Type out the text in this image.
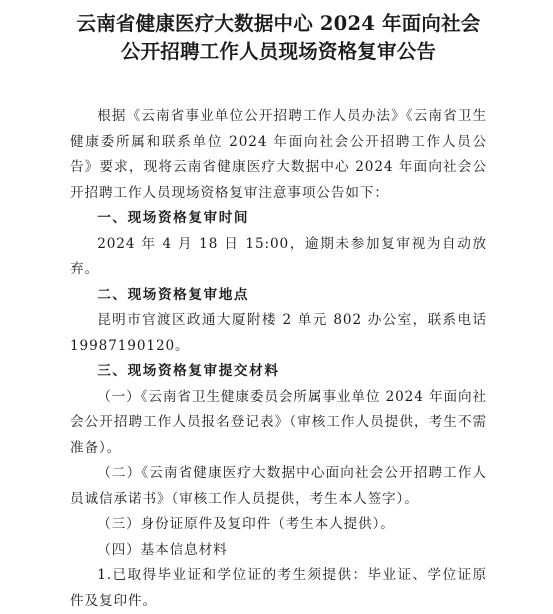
云南省健康医疗大数据中心 2024 年面向社会
公开招聘工作人员现场资格复审公告

根据《云南省事业单位公开招聘工作人员办法》《云南省卫生健康委所属和联系单位 2024 年面向社会公开招聘工作人员公告》要求，现将云南省健康医疗大数据中心 2024 年面向社会公开招聘工作人员现场资格复审注意事项公告如下：

一、现场资格复审时间

2024 年 4 月 18 日 15:00，逾期未参加复审视为自动放弃。

二、现场资格复审地点

昆明市官渡区政通大厦附楼 2 单元 802 办公室，联系电话 19987190120。

三、现场资格复审提交材料

（一）《云南省卫生健康委员会所属事业单位 2024 年面向社会公开招聘工作人员报名登记表》（审核工作人员提供，考生不需准备）。

（二）《云南省健康医疗大数据中心面向社会公开招聘工作人员诚信承诺书》（审核工作人员提供，考生本人签字）。

（三）身份证原件及复印件（考生本人提供）。

（四）基本信息材料

1.已取得毕业证和学位证的考生须提供：毕业证、学位证原件及复印件。
